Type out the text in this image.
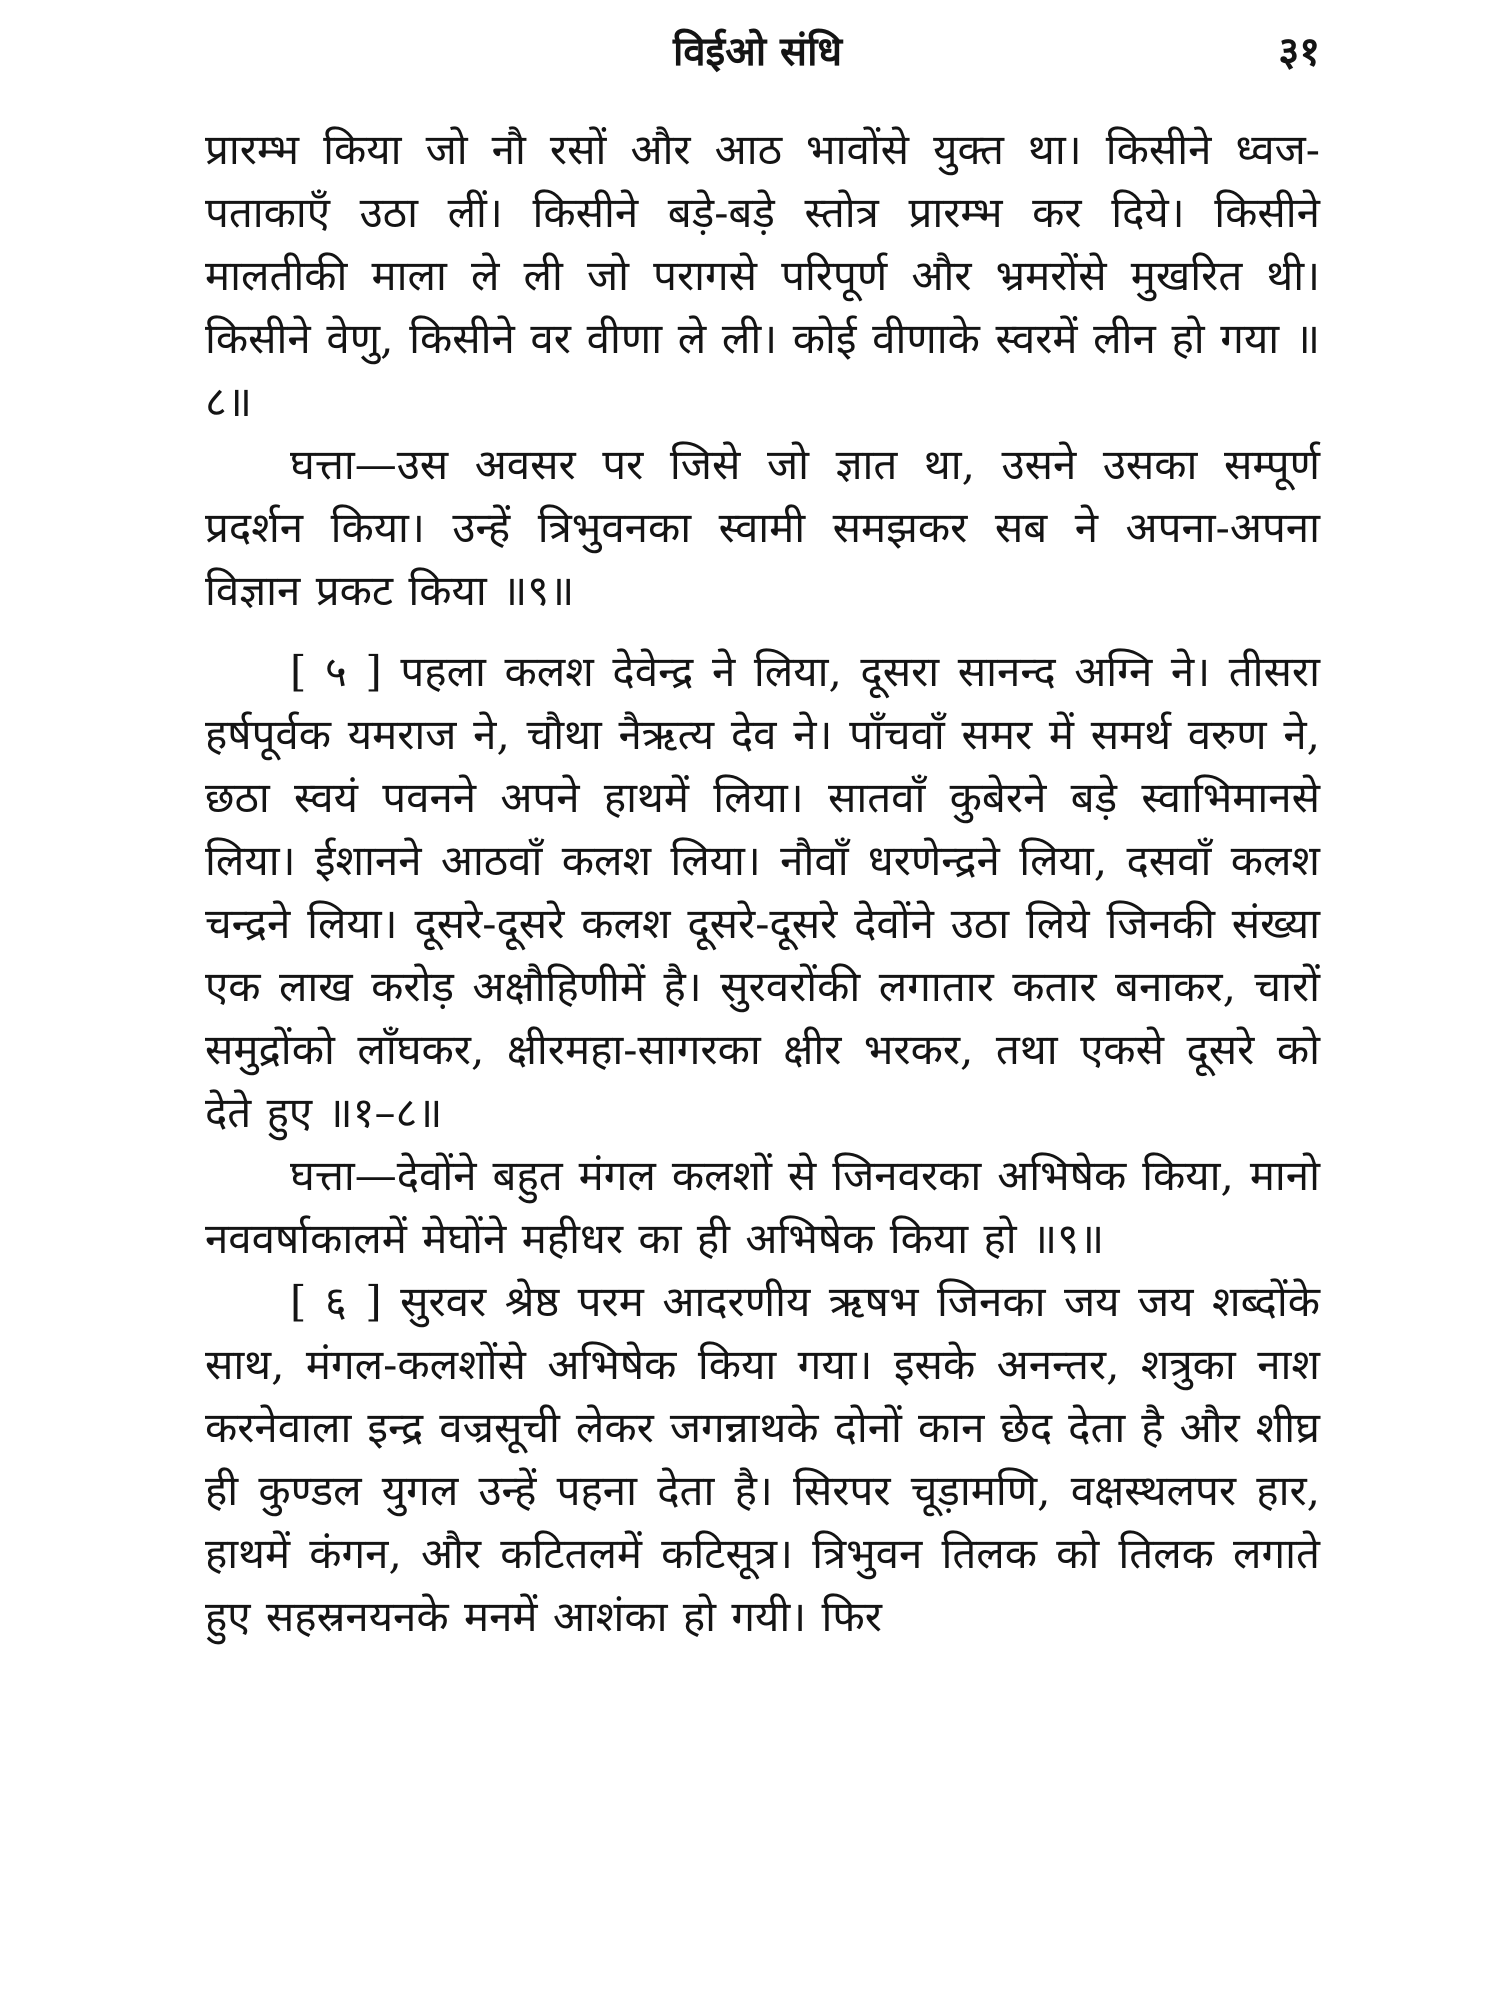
विईओ संधि	३१

प्रारम्भ किया जो नौ रसों और आठ भावोंसे युक्त था। किसीने ध्वज-पताकाएँ उठा लीं। किसीने बड़े-बड़े स्तोत्र प्रारम्भ कर दिये। किसीने मालतीकी माला ले ली जो परागसे परिपूर्ण और भ्रमरोंसे मुखरित थी। किसीने वेणु, किसीने वर वीणा ले ली। कोई वीणाके स्वरमें लीन हो गया ॥८॥

घत्ता—उस अवसर पर जिसे जो ज्ञात था, उसने उसका सम्पूर्ण प्रदर्शन किया। उन्हें त्रिभुवनका स्वामी समझकर सब ने अपना-अपना विज्ञान प्रकट किया ॥९॥

[ ५ ] पहला कलश देवेन्द्र ने लिया, दूसरा सानन्द अग्नि ने। तीसरा हर्षपूर्वक यमराज ने, चौथा नैऋत्य देव ने। पाँचवाँ समर में समर्थ वरुण ने, छठा स्वयं पवनने अपने हाथमें लिया। सातवाँ कुबेरने बड़े स्वाभिमानसे लिया। ईशानने आठवाँ कलश लिया। नौवाँ धरणेन्द्रने लिया, दसवाँ कलश चन्द्रने लिया। दूसरे-दूसरे कलश दूसरे-दूसरे देवोंने उठा लिये जिनकी संख्या एक लाख करोड़ अक्षौहिणीमें है। सुरवरोंकी लगातार कतार बनाकर, चारों समुद्रोंको लाँघकर, क्षीरमहा-सागरका क्षीर भरकर, तथा एकसे दूसरे को देते हुए ॥१–८॥

घत्ता—देवोंने बहुत मंगल कलशों से जिनवरका अभिषेक किया, मानो नववर्षाकालमें मेघोंने महीधर का ही अभिषेक किया हो ॥९॥

[ ६ ] सुरवर श्रेष्ठ परम आदरणीय ऋषभ जिनका जय जय शब्दोंके साथ, मंगल-कलशोंसे अभिषेक किया गया। इसके अनन्तर, शत्रुका नाश करनेवाला इन्द्र वज्रसूची लेकर जगन्नाथके दोनों कान छेद देता है और शीघ्र ही कुण्डल युगल उन्हें पहना देता है। सिरपर चूड़ामणि, वक्षस्थलपर हार, हाथमें कंगन, और कटितलमें कटिसूत्र। त्रिभुवन तिलक को तिलक लगाते हुए सहस्रनयनके मनमें आशंका हो गयी। फिर
